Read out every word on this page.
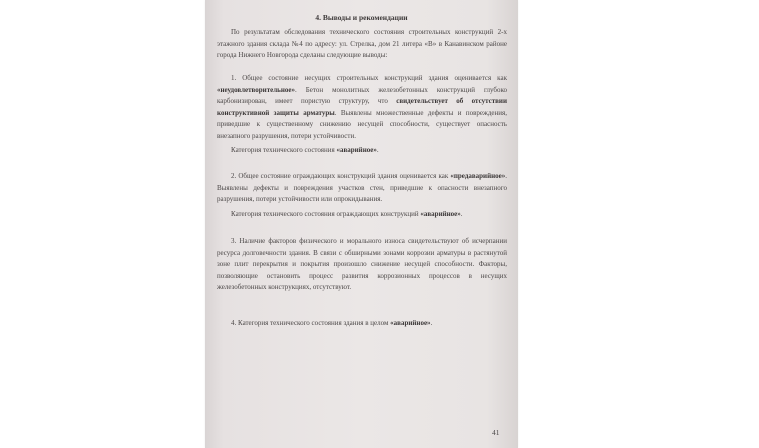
4. Выводы и рекомендации

По результатам обследования технического состояния строительных конструкций 2-х этажного здания склада №4 по адресу: ул. Стрелка, дом 21 литера «В» в Канавинском районе города Нижнего Новгорода сделаны следующие выводы:

1. Общее состояние несущих строительных конструкций здания оценивается как «неудовлетворительное». Бетон монолитных железобетонных конструкций глубоко карбонизирован, имеет пористую структуру, что свидетельствует об отсутствии конструктивной защиты арматуры. Выявлены множественные дефекты и повреждения, приведшие к существенному снижению несущей способности, существует опасность внезапного разрушения, потери устойчивости.

Категория технического состояния «аварийное».

2. Общее состояние ограждающих конструкций здания оценивается как «предаварийное». Выявлены дефекты и повреждения участков стен, приведшие к опасности внезапного разрушения, потери устойчивости или опрокидывания.

Категория технического состояния ограждающих конструкций «аварийное».

3. Наличие факторов физического и морального износа свидетельствуют об исчерпании ресурса долговечности здания. В связи с обширными зонами коррозии арматуры в растянутой зоне плит перекрытия и покрытия произошло снижение несущей способности. Факторы, позволяющие остановить процесс развития коррозионных процессов в несущих железобетонных конструкциях, отсутствуют.

4. Категория технического состояния здания в целом «аварийное».

41
